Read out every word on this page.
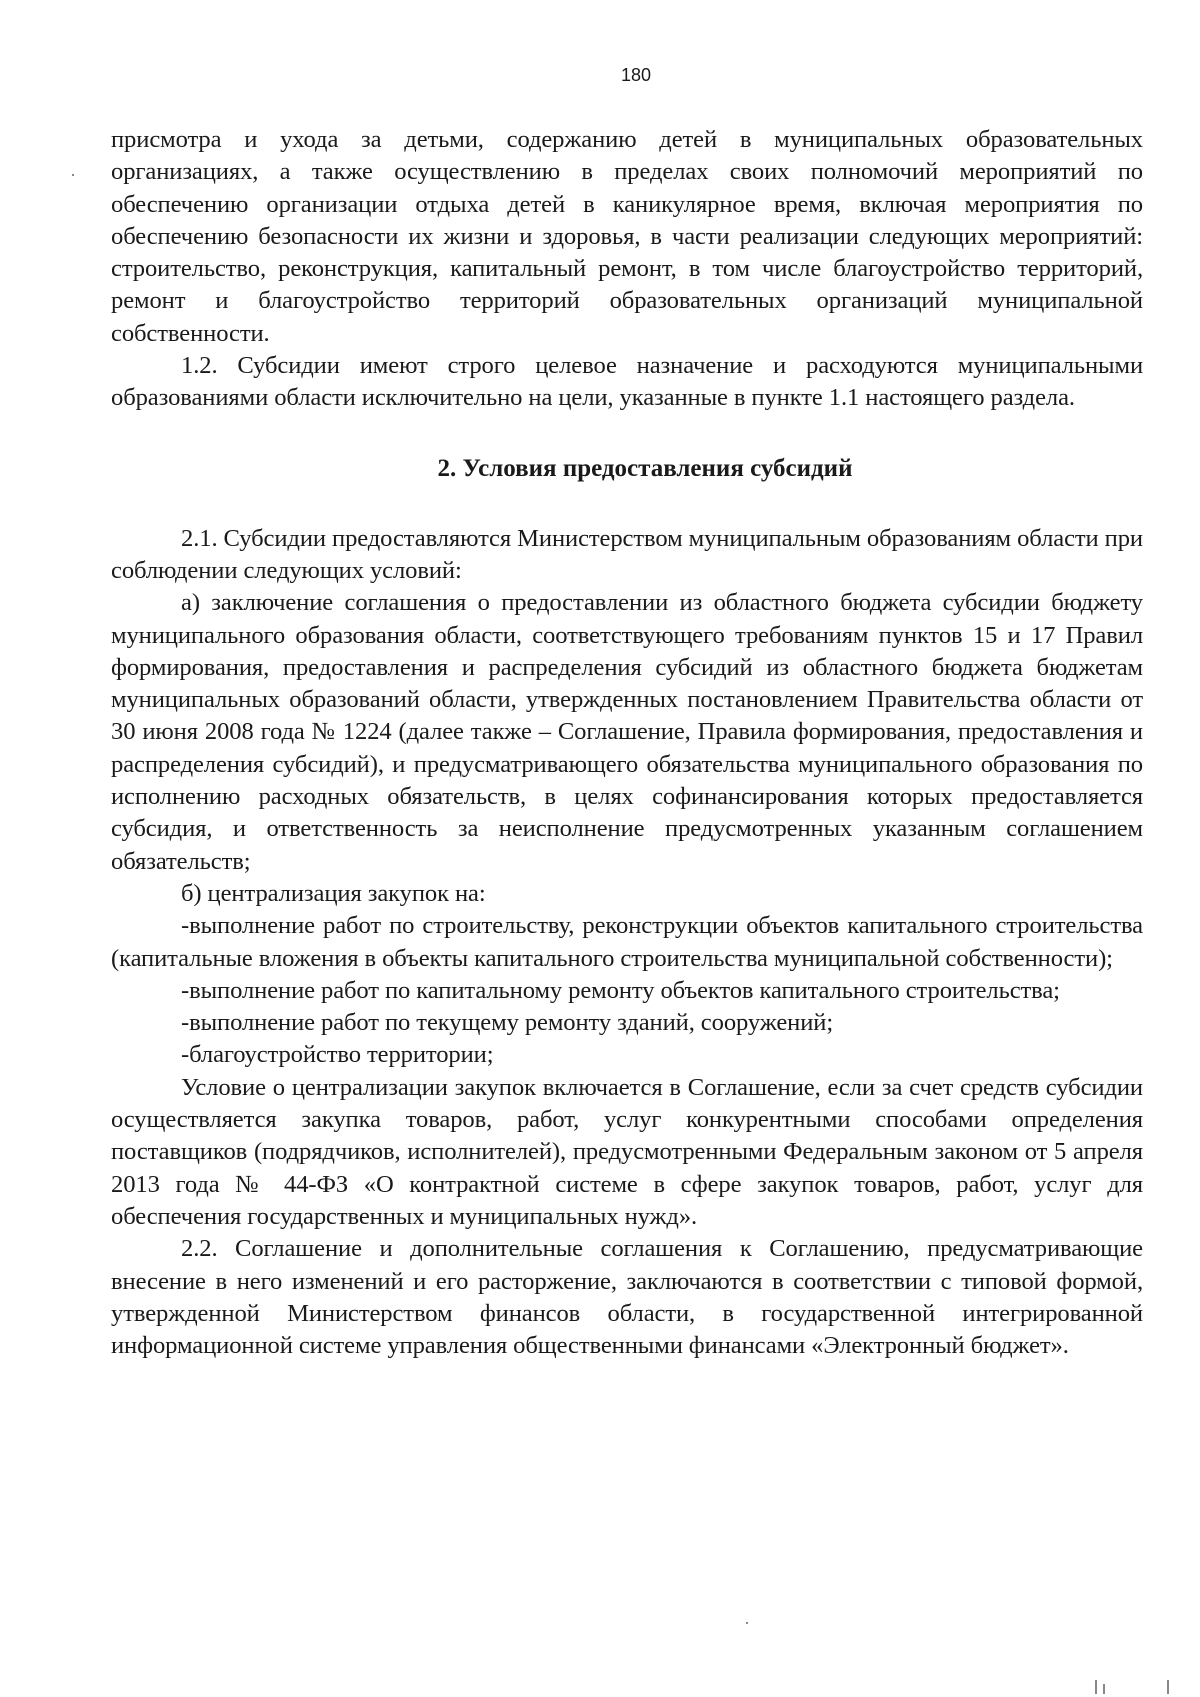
180

присмотра и ухода за детьми, содержанию детей в муниципальных образовательных организациях, а также осуществлению в пределах своих полномочий мероприятий по обеспечению организации отдыха детей в каникулярное время, включая мероприятия по обеспечению безопасности их жизни и здоровья, в части реализации следующих мероприятий: строительство, реконструкция, капитальный ремонт, в том числе благоустройство территорий, ремонт и благоустройство территорий образовательных организаций муниципальной собственности.

1.2. Субсидии имеют строго целевое назначение и расходуются муниципальными образованиями области исключительно на цели, указанные в пункте 1.1 настоящего раздела.

2. Условия предоставления субсидий

2.1. Субсидии предоставляются Министерством муниципальным образованиям области при соблюдении следующих условий:

а) заключение соглашения о предоставлении из областного бюджета субсидии бюджету муниципального образования области, соответствующего требованиям пунктов 15 и 17 Правил формирования, предоставления и распределения субсидий из областного бюджета бюджетам муниципальных образований области, утвержденных постановлением Правительства области от 30 июня 2008 года № 1224 (далее также – Соглашение, Правила формирования, предоставления и распределения субсидий), и предусматривающего обязательства муниципального образования по исполнению расходных обязательств, в целях софинансирования которых предоставляется субсидия, и ответственность за неисполнение предусмотренных указанным соглашением обязательств;

б) централизация закупок на:

-выполнение работ по строительству, реконструкции объектов капитального строительства (капитальные вложения в объекты капитального строительства муниципальной собственности);

-выполнение работ по капитальному ремонту объектов капитального строительства;

-выполнение работ по текущему ремонту зданий, сооружений;

-благоустройство территории;

Условие о централизации закупок включается в Соглашение, если за счет средств субсидии осуществляется закупка товаров, работ, услуг конкурентными способами определения поставщиков (подрядчиков, исполнителей), предусмотренными Федеральным законом от 5 апреля 2013 года № 44-ФЗ «О контрактной системе в сфере закупок товаров, работ, услуг для обеспечения государственных и муниципальных нужд».

2.2. Соглашение и дополнительные соглашения к Соглашению, предусматривающие внесение в него изменений и его расторжение, заключаются в соответствии с типовой формой, утвержденной Министерством финансов области, в государственной интегрированной информационной системе управления общественными финансами «Электронный бюджет».
